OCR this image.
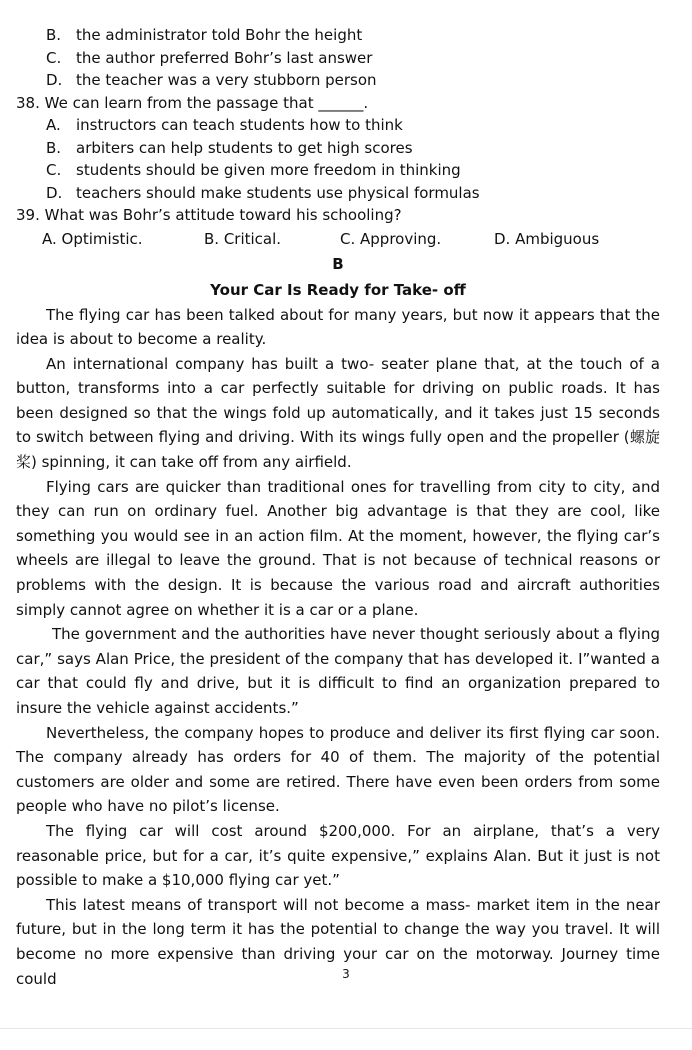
B. the administrator told Bohr the height
C. the author preferred Bohr’s last answer
D. the teacher was a very stubborn person
38. We can learn from the passage that ______.
A. instructors can teach students how to think
B. arbiters can help students to get high scores
C. students should be given more freedom in thinking
D. teachers should make students use physical formulas
39. What was Bohr’s attitude toward his schooling?
A. Optimistic.	B. Critical.	C. Approving.	D. Ambiguous
B
Your Car Is Ready for Take- off

The flying car has been talked about for many years, but now it appears that the idea is about to become a reality.

An international company has built a two- seater plane that, at the touch of a button, transforms into a car perfectly suitable for driving on public roads. It has been designed so that the wings fold up automatically, and it takes just 15 seconds to switch between flying and driving. With its wings fully open and the propeller (螺旋桨) spinning, it can take off from any airfield.

Flying cars are quicker than traditional ones for travelling from city to city, and they can run on ordinary fuel. Another big advantage is that they are cool, like something you would see in an action film. At the moment, however, the flying car’s wheels are illegal to leave the ground. That is not because of technical reasons or problems with the design. It is because the various road and aircraft authorities simply cannot agree on whether it is a car or a plane.

The government and the authorities have never thought seriously about a flying car,” says Alan Price, the president of the company that has developed it. I”wanted a car that could fly and drive, but it is difficult to find an organization prepared to insure the vehicle against accidents.”

Nevertheless, the company hopes to produce and deliver its first flying car soon. The company already has orders for 40 of them. The majority of the potential customers are older and some are retired. There have even been orders from some people who have no pilot’s license.

The flying car will cost around $200,000. For an airplane, that’s a very reasonable price, but for a car, it’s quite expensive,” explains Alan. But it just is not possible to make a $10,000 flying car yet.”

This latest means of transport will not become a mass- market item in the near future, but in the long term it has the potential to change the way you travel. It will become no more expensive than driving your car on the motorway. Journey time could	3
